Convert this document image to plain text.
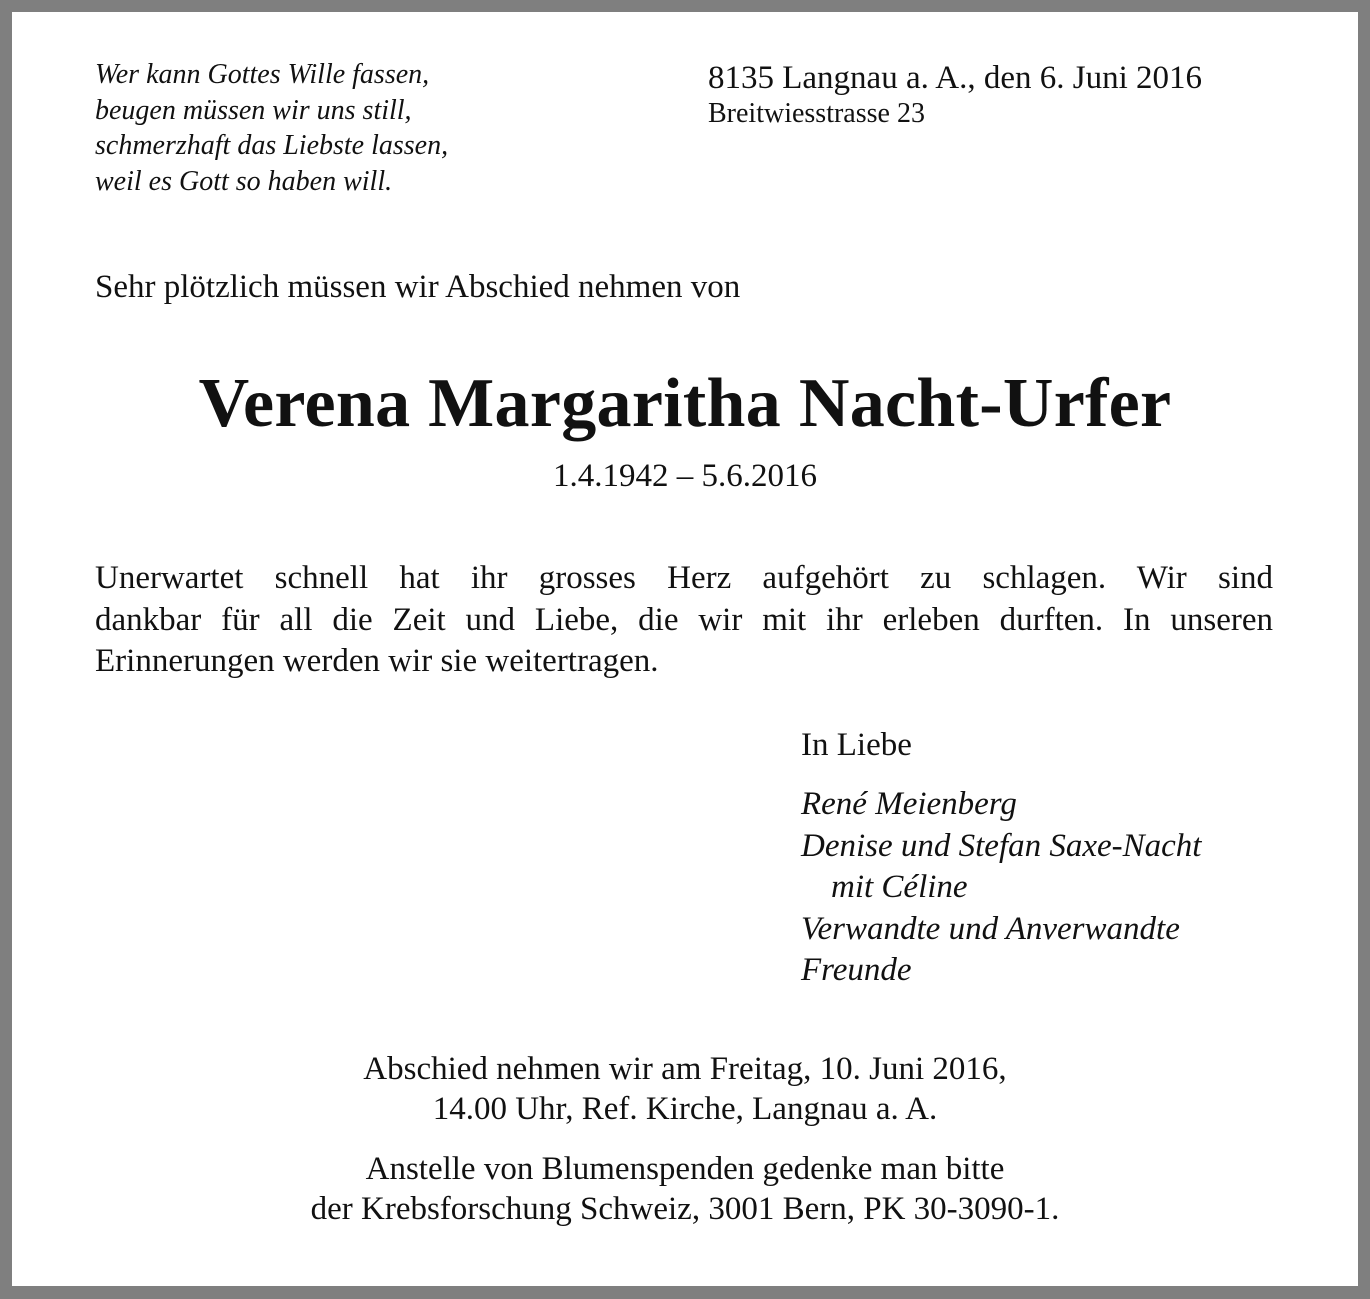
Wer kann Gottes Wille fassen,
beugen müssen wir uns still,
schmerzhaft das Liebste lassen,
weil es Gott so haben will.
8135 Langnau a. A., den 6. Juni 2016
Breitwiesstrasse 23
Sehr plötzlich müssen wir Abschied nehmen von
Verena Margaritha Nacht-Urfer
1.4.1942 – 5.6.2016
Unerwartet schnell hat ihr grosses Herz aufgehört zu schlagen. Wir sind
dankbar für all die Zeit und Liebe, die wir mit ihr erleben durften. In unseren
Erinnerungen werden wir sie weitertragen.
In Liebe
René Meienberg
Denise und Stefan Saxe-Nacht
mit Céline
Verwandte und Anverwandte
Freunde
Abschied nehmen wir am Freitag, 10. Juni 2016,
14.00 Uhr, Ref. Kirche, Langnau a. A.
Anstelle von Blumenspenden gedenke man bitte
der Krebsforschung Schweiz, 3001 Bern, PK 30-3090-1.
